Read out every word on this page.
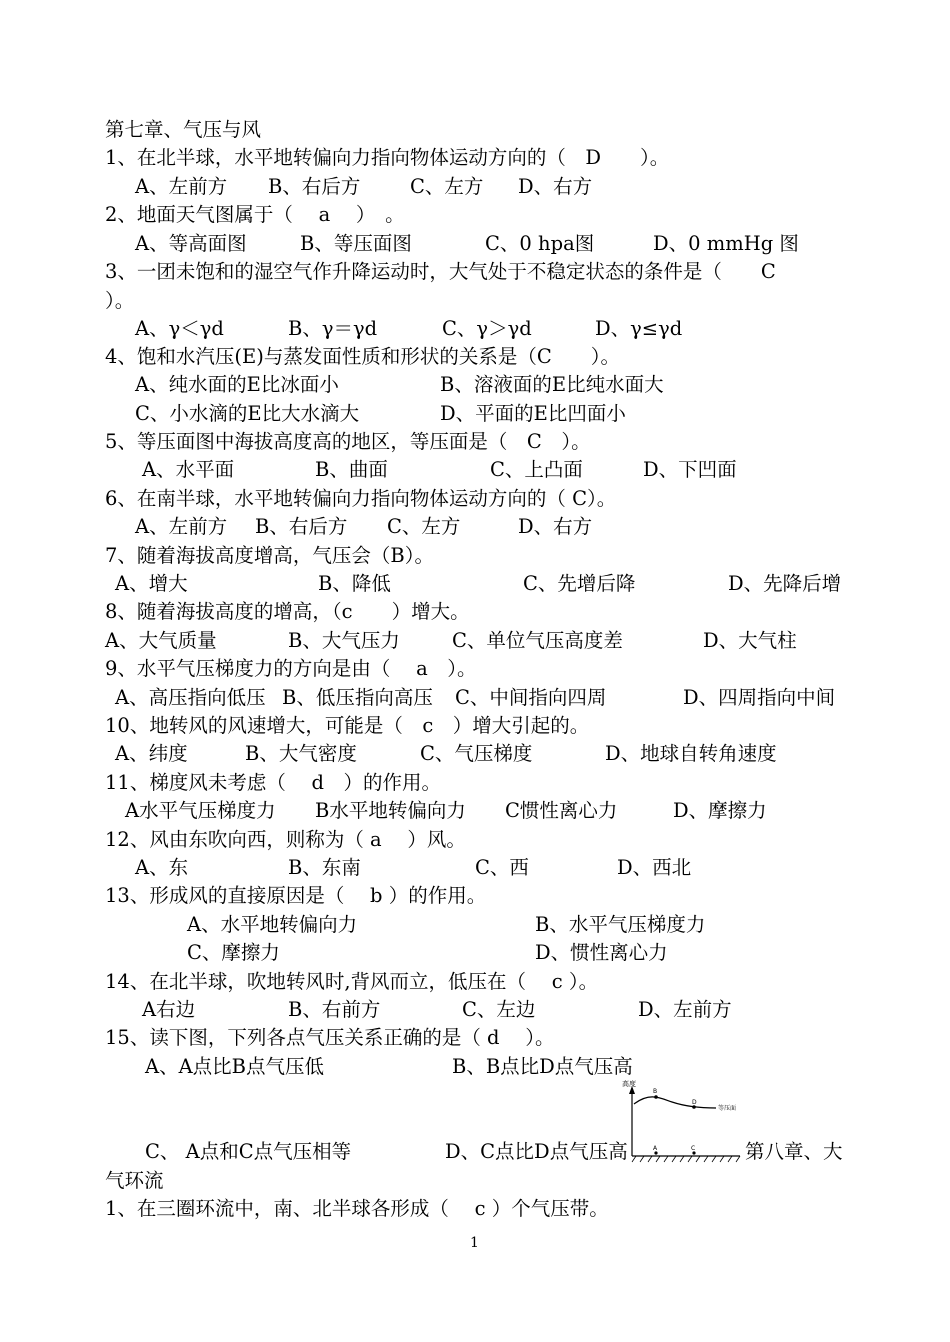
第七章、气压与风
1、在北半球，水平地转偏向力指向物体运动方向的（　D　　）。
A、左前方 B、右后方	C、左方 D、右方
2、地面天气图属于（　 a　 ）　。
A、等高面图	B、等压面图	C、0 hpa图	D、0 mmHg 图
3、一团未饱和的湿空气作升降运动时，大气处于不稳定状态的条件是（　　C
）。
A、γ＜γd	B、γ＝γd	C、γ＞γd	D、γ≤γd
4、饱和水汽压(E)与蒸发面性质和形状的关系是（C　　）。
A、纯水面的E比冰面小	B、溶液面的E比纯水面大
C、小水滴的E比大水滴大	D、平面的E比凹面小
5、等压面图中海拔高度高的地区，等压面是（　C　）。
A、水平面	B、曲面	C、上凸面	D、下凹面
6、在南半球，水平地转偏向力指向物体运动方向的（ C）。
A、左前方 B、右后方 C、左方	D、右方
7、随着海拔高度增高，气压会（B）。
A、增大	B、降低	C、先增后降	D、先降后增
8、随着海拔高度的增高，（c　　）增大。
A、大气质量	B、大气压力	C、单位气压高度差	D、大气柱
9、水平气压梯度力的方向是由（　 a　）。
A、高压指向低压 B、低压指向高压 C、中间指向四周	D、四周指向中间
10、地转风的风速增大，可能是（　c　）增大引起的。
A、纬度	B、大气密度	C、气压梯度	D、地球自转角速度
11、梯度风未考虑（　 d　）的作用。
A水平气压梯度力 B水平地转偏向力 C惯性离心力	D、摩擦力
12、风由东吹向西，则称为（ a　 ）风。
A、东	B、东南	C、西	D、西北
13、形成风的直接原因是（　 b ）的作用。
A、水平地转偏向力	B、水平气压梯度力
C、摩擦力	D、惯性离心力
14、在北半球，吹地转风时,背风而立，低压在（　 c ）。
A右边	B、右前方	C、左边	D、左前方
15、读下图，下列各点气压关系正确的是（ d　 ）。
A、A点比B点气压低	B、B点比D点气压高
C、 A点和C点气压相等	D、C点比D点气压高
高度
B
D
A	C
等压面
第八章、大
气环流
1、在三圈环流中，南、北半球各形成（　 c ）个气压带。
1
